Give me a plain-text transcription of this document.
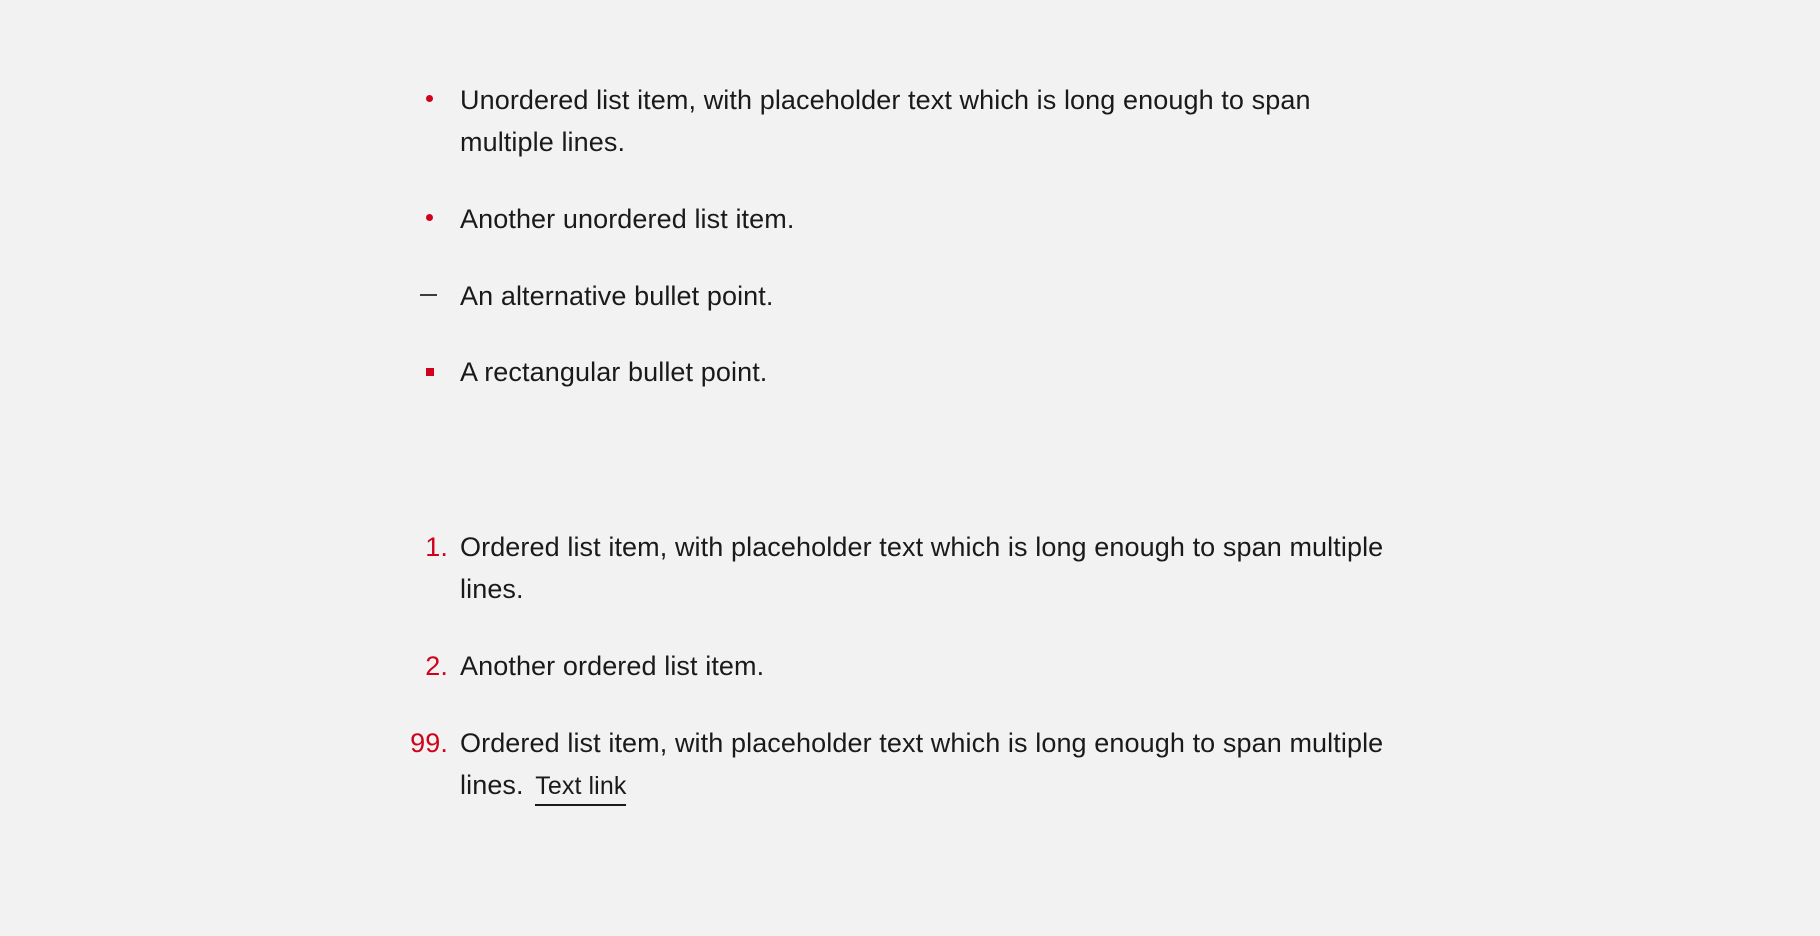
Unordered list item, with placeholder text which is long enough to span multiple lines.
Another unordered list item.
An alternative bullet point.
A rectangular bullet point.
1. Ordered list item, with placeholder text which is long enough to span multiple lines.
2. Another ordered list item.
99. Ordered list item, with placeholder text which is long enough to span multiple lines. Text link
